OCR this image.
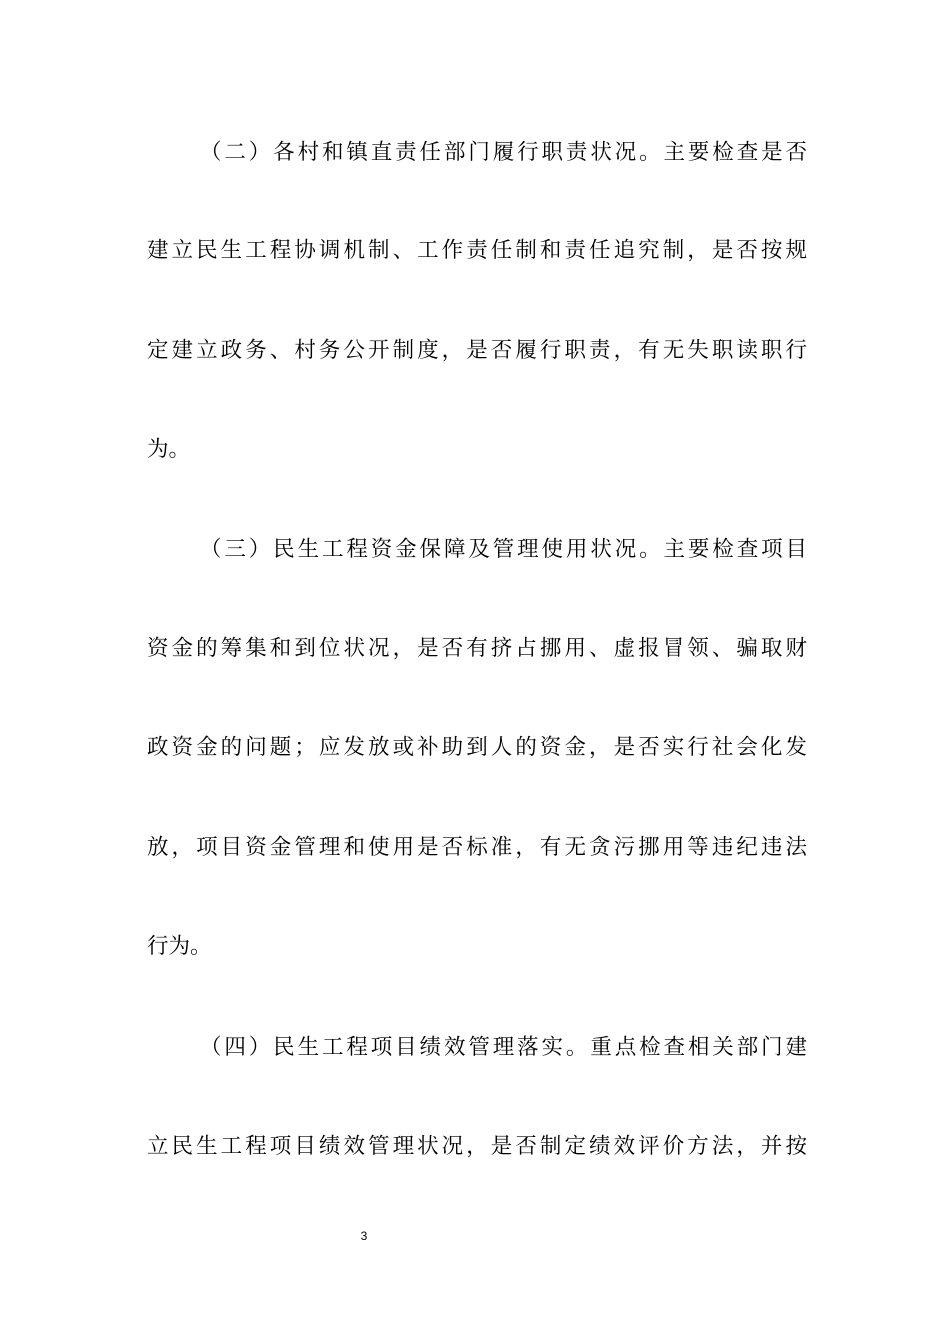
（二）各村和镇直责任部门履行职责状况。主要检查是否
建立民生工程协调机制、工作责任制和责任追究制，是否按规
定建立政务、村务公开制度，是否履行职责，有无失职读职行
为。
（三）民生工程资金保障及管理使用状况。主要检查项目
资金的筹集和到位状况，是否有挤占挪用、虚报冒领、骗取财
政资金的问题；应发放或补助到人的资金，是否实行社会化发
放，项目资金管理和使用是否标准，有无贪污挪用等违纪违法
行为。
（四）民生工程项目绩效管理落实。重点检查相关部门建
立民生工程项目绩效管理状况，是否制定绩效评价方法，并按
3
